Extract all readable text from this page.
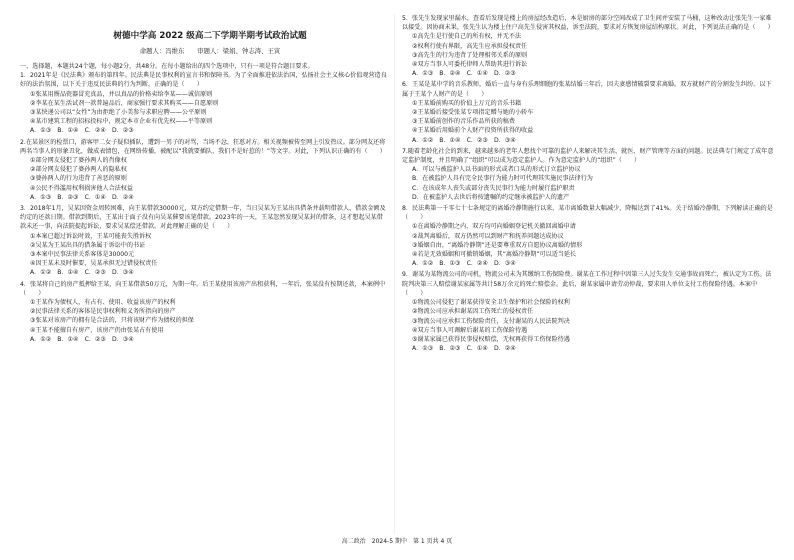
树德中学高 2022 级高二下学期半期考试政治试题
命题人：冯维东　　审题人：梁娟、钟志涛、王寅

一、选择题，本题共24个题，每小题2分，共48分。在每小题给出的四个选项中，只有一项是符合题目要求。

1．2021年是《民法典》颁布的第四年。民法典是民事权利的宣言书和保障书。为了全面推进依法治国，弘扬社会主义核心价值观营造良好的法治氛围，以下关于违反民法典的行为判断，正确的是（　　）

①张某用赝品瓷器冒充真品，并以真品的价格卖给李某——诚信原则

②李某在某生活试剂一款普遍品后，商家强行要求其购买——自愿原则

③某快递公司以“女性”为由拒绝了小美参与求职应聘——公平原则

④某市建筑工程的招标投标中，规定本市企业有优先权——平等原则

A．①③　B．①④　C．②④　D．②③

2.在某景区的检票口，游客甲二女子疑似插队，遭到一男子的对骂，当场不忿，狂怼对方。相关视频被传至网上引发热议。部分网友还将两名当事人的形象丑化，做成表情包，在网络传播，被配以“我就要插队，我们不是好惹的！”等文字。对此，下列认识正确的有（　　）

①部分网友侵犯了婆孙两人的肖像权

②部分网友侵犯了婆孙两人的隐私权

③婆孙两人的行为违背了善恶的原则

④公民不得滥用权利损害他人合法权益

A．①③　B．②③　C．①④　D．②④

3．2018年1月，吴某因资金周转困难，向王某借款30000元，双方约定借期一年，当日吴某为王某出具借条并载明借款人、借款金额及约定的还款日期。借款到期后，王某出于面子没有向吴某催要该笔借款。2023年的一天，王某忽然发现吴某封的借条，这才想起吴某借款未还一事，向法院提起诉讼，要求吴某偿还借款。对此理解正确的是（　　）

①本案已超过诉讼时效，王某可能丧失胜诉权

②吴某为王某出具的借条属于诉讼中的书证

③本案中民事法律关系客体是30000元

④因王某未及时催要，吴某承担无过错侵权责任

A．①②　B．①④　C．②③　D．③④

4．张某将自己的房产抵押给王某，向王某借款50万元，为期一年。后王某使用该房产出租获利，一年后，张某没有按期还款，本案例中（　　）

①王某作为债权人，有占有、使用、收益该房产的权利

②民事法律关系的客体是民事权利和义务所指向的房产

③张某对该房产的拥有是合法的，只将该财产作为债权的担保

④王某不能擅自有房产，该房产仍由张某占有使用

A．①②　B．①④　C．②③　D．③④

5．张先生发现家里漏水，查看后发现是楼上的房屋经改造后，本是厨房的部分空间改成了卫生间并安装了马桶，这种改动让张先生一家难以接受。因协商未果，张先生认为楼上住户高先生侵害其权益，诉至法院，要求对方恢复房屋结构原状。对此，下列说法正确的是（　　）

①高先生是行使自己的所有权，并无不法

②权利行使有界限，高先生应承担侵权责任

③高先生的行为违背了处理相邻关系的原则

④双方当事人可委托律师人帮助其进行诉讼

A．①③　B．②④　C．①④　D．②③

6．王某是某中学的音乐教师，婚后一直与身有乐理细胞的张某结婚三年后，因夫妻感情破裂要求离婚。双方就财产的分割发生纠纷。以下属于王某个人财产的是（　　）

①王某婚前购买的价值上万元的音乐书籍

②王某婚后接受张某专项指定赠与她的小轿车

③王某婚前创作的音乐作品所获的稿费

④王某婚后用婚前个人财产投资所获得的收益

A．①②　B．①④　C．②③　D．③④

7.随着老龄化社会的到来，越来越多的老年人想找个可靠的监护人来解决其生活、就医、财产管理等方面的问题。民法典专门规定了成年意定监护制度，并且明确了“组织”可以成为意定监护人。作为意定监护人的“组织”（　　）

A．可以与被监护人以书面的形式或者口头的形式订立监护协议

B．在被监护人具有完全民事行为能力时可代理其实施民事法律行为

C．在该成年人丧失或部分丧失民事行为能力时履行监护职责

D．在被监护人去世后将按遗嘱的约定继承被监护人的遗产

8．民法典第一千零七十七条规定的离婚冷静期施行以来，某市离婚数量大幅减少，降幅达到了41%。关于结婚冷静期，下列解读正确的是（　　）

①在离婚冷静期之内，双方均可向婚姻登记机关撤回离婚申请

②裁判离婚后，双方仍然可以到财产和抚养问题达成协议

③婚姻自由，“离婚冷静期”还是要尊重双方自愿协议离婚的情形

④若是无效婚姻和可撤销婚姻，其“离婚冷静期”可以适当延长

A．①②　B．①③　C．②④　D．③④

9．谢某为某物流公司的司机，物流公司未为其缴纳工伤保险费。谢某在工作过程中因第三人过失发生交通事故而死亡，被认定为工伤。法院判决第三人赔偿谢某家属等共计58万余元的死亡赔偿金。此后，谢某家属申请劳动仲裁，要求用人单位支付工伤保险待遇。本案中（　　）

①物流公司侵犯了谢某获得安全卫生保护和社会保险的权利

②物流公司应承担谢某因工伤死亡的侵权责任

③物流公司应承担工伤保险责任，支付谢某的人民法院判决

④双方当事人可调解后谢某的工伤保险待遇

⑤谢某家属已获得民事侵权赔偿，无权再获得工伤保险待遇

A．①③　B．②③　C．①④　D．②④

高二政治　2024-5 期中　第 1 页共 4 页
